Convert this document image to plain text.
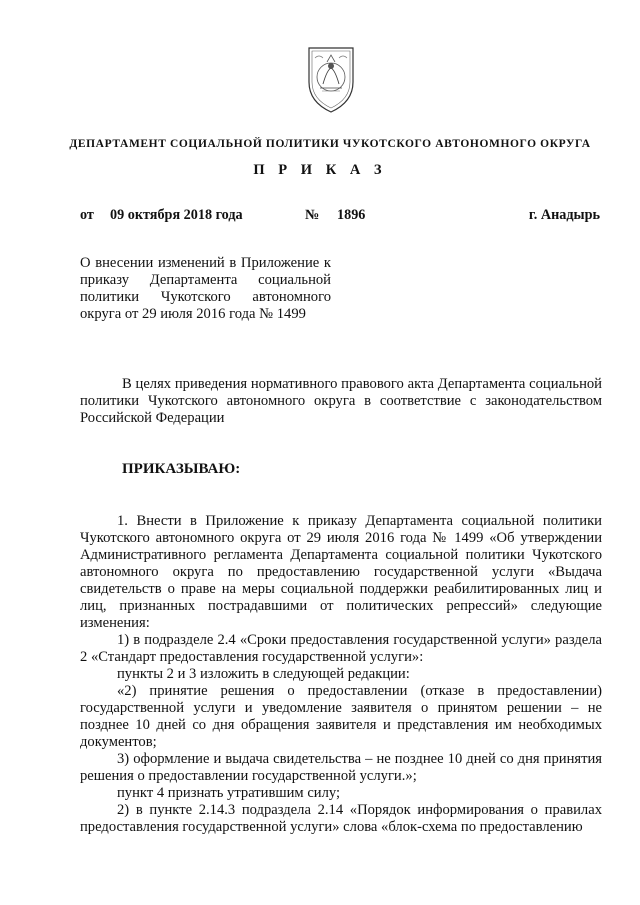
ДЕПАРТАМЕНТ СОЦИАЛЬНОЙ ПОЛИТИКИ ЧУКОТСКОГО АВТОНОМНОГО ОКРУГА
П Р И К А З
от 09 октября 2018 года	№ 1896	г. Анадырь
О внесении изменений в Приложение к приказу Департамента социальной политики Чукотского автономного округа от 29 июля 2016 года № 1499

В целях приведения нормативного правового акта Департамента социальной политики Чукотского автономного округа в соответствие с законодательством Российской Федерации

ПРИКАЗЫВАЮ:

1. Внести в Приложение к приказу Департамента социальной политики Чукотского автономного округа от 29 июля 2016 года № 1499 «Об утверждении Административного регламента Департамента социальной политики Чукотского автономного округа по предоставлению государственной услуги «Выдача свидетельств о праве на меры социальной поддержки реабилитированных лиц и лиц, признанных пострадавшими от политических репрессий» следующие изменения:

1) в подразделе 2.4 «Сроки предоставления государственной услуги» раздела 2 «Стандарт предоставления государственной услуги»:

пункты 2 и 3 изложить в следующей редакции:

«2) принятие решения о предоставлении (отказе в предоставлении) государственной услуги и уведомление заявителя о принятом решении – не позднее 10 дней со дня обращения заявителя и представления им необходимых документов;

3) оформление и выдача свидетельства – не позднее 10 дней со дня принятия решения о предоставлении государственной услуги.»;

пункт 4 признать утратившим силу;

2) в пункте 2.14.3 подраздела 2.14 «Порядок информирования о правилах предоставления государственной услуги» слова «блок-схема по предоставлению
